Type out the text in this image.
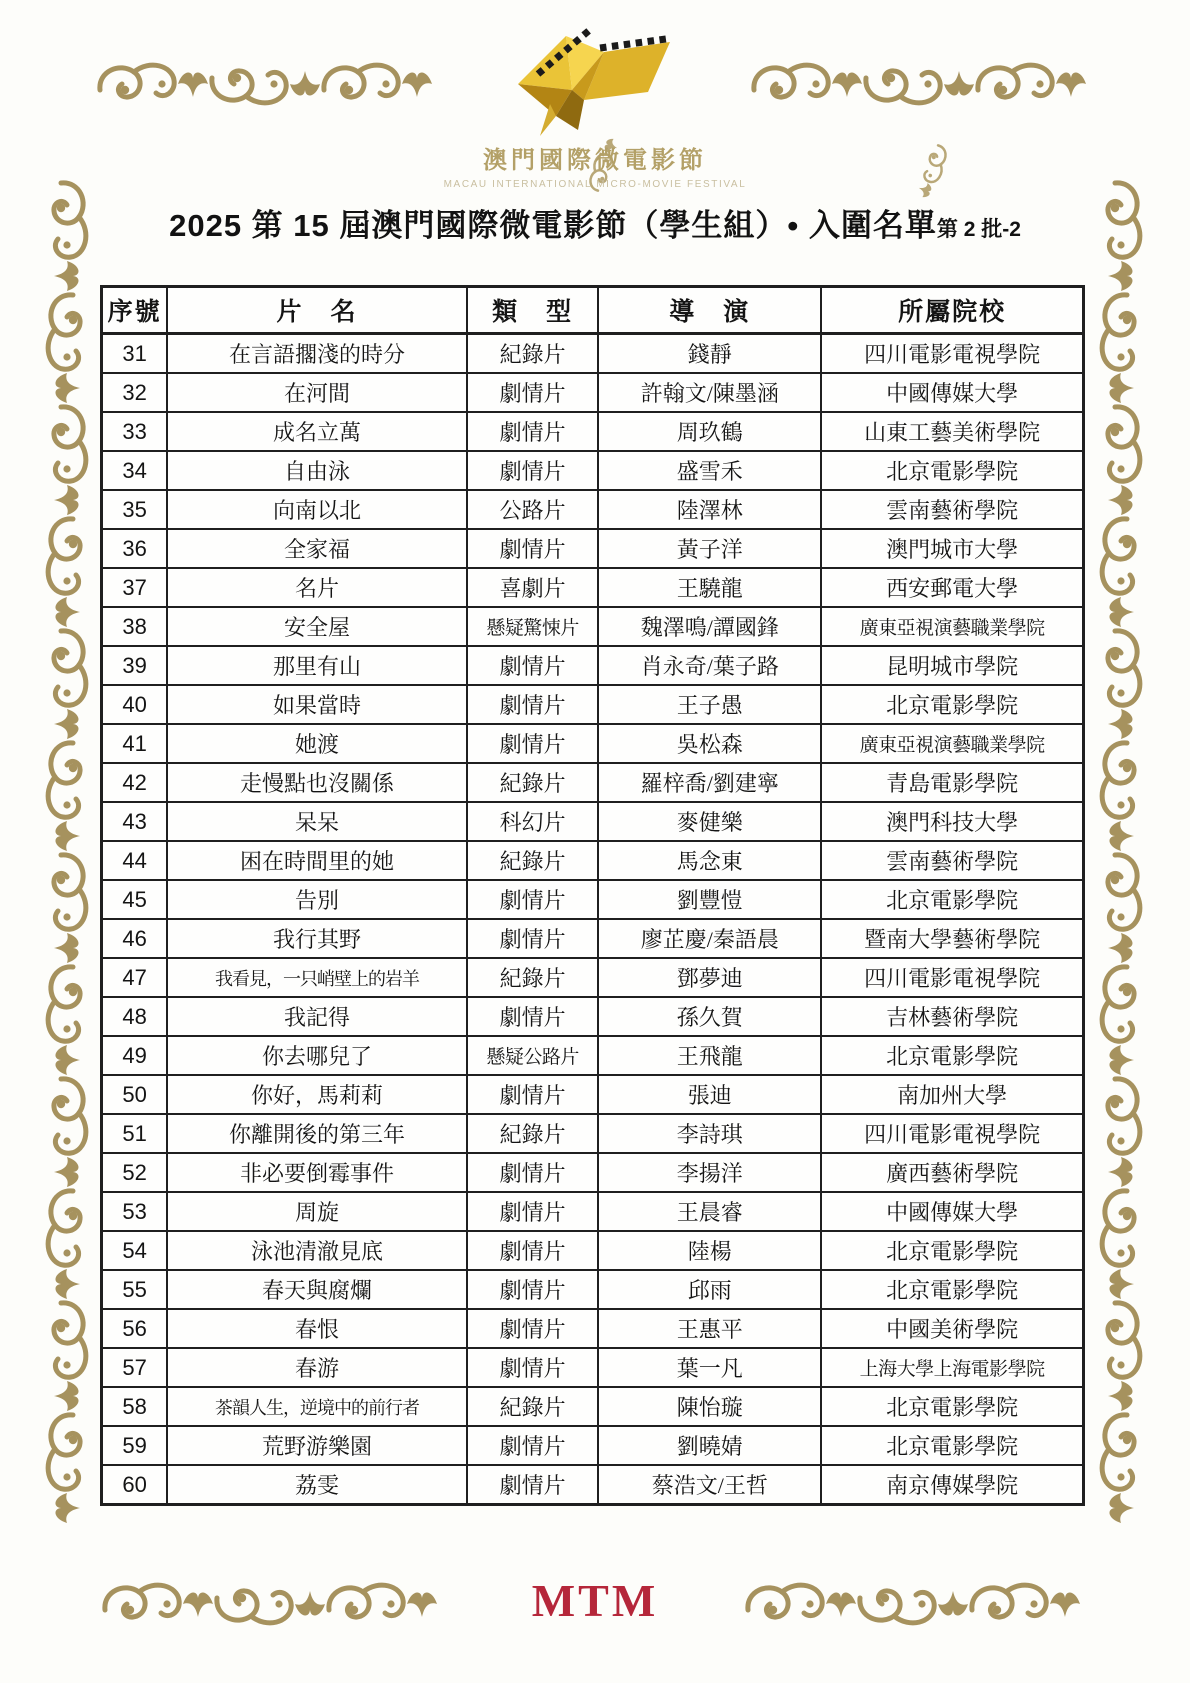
澳門國際微電影節
MACAU INTERNATIONAL MICRO-MOVIE FESTIVAL
2025 第 15 屆澳門國際微電影節（學生組）• 入圍名單第 2 批-2
序號	片　名	類　型	導　演	所屬院校
31	在言語擱淺的時分	紀錄片	錢靜	四川電影電視學院
32	在河間	劇情片	許翰文/陳墨涵	中國傳媒大學
33	成名立萬	劇情片	周玖鶴	山東工藝美術學院
34	自由泳	劇情片	盛雪禾	北京電影學院
35	向南以北	公路片	陸澤林	雲南藝術學院
36	全家福	劇情片	黃子洋	澳門城市大學
37	名片	喜劇片	王驍龍	西安郵電大學
38	安全屋	懸疑驚悚片	魏澤鳴/譚國鋒	廣東亞視演藝職業學院
39	那里有山	劇情片	肖永奇/葉子路	昆明城市學院
40	如果當時	劇情片	王子愚	北京電影學院
41	她渡	劇情片	吳松森	廣東亞視演藝職業學院
42	走慢點也沒關係	紀錄片	羅梓喬/劉建寧	青島電影學院
43	呆呆	科幻片	麥健樂	澳門科技大學
44	困在時間里的她	紀錄片	馬念東	雲南藝術學院
45	告別	劇情片	劉豐愷	北京電影學院
46	我行其野	劇情片	廖芷慶/秦語晨	暨南大學藝術學院
47	我看見，一只峭壁上的岩羊	紀錄片	鄧夢迪	四川電影電視學院
48	我記得	劇情片	孫久賀	吉林藝術學院
49	你去哪兒了	懸疑公路片	王飛龍	北京電影學院
50	你好，馬莉莉	劇情片	張迪	南加州大學
51	你離開後的第三年	紀錄片	李詩琪	四川電影電視學院
52	非必要倒霉事件	劇情片	李揚洋	廣西藝術學院
53	周旋	劇情片	王晨睿	中國傳媒大學
54	泳池清澈見底	劇情片	陸楊	北京電影學院
55	春天與腐爛	劇情片	邱雨	北京電影學院
56	春恨	劇情片	王惠平	中國美術學院
57	春游	劇情片	葉一凡	上海大學上海電影學院
58	茶韻人生，逆境中的前行者	紀錄片	陳怡璇	北京電影學院
59	荒野游樂園	劇情片	劉曉婧	北京電影學院
60	荔雯	劇情片	蔡浩文/王哲	南京傳媒學院
MTM
